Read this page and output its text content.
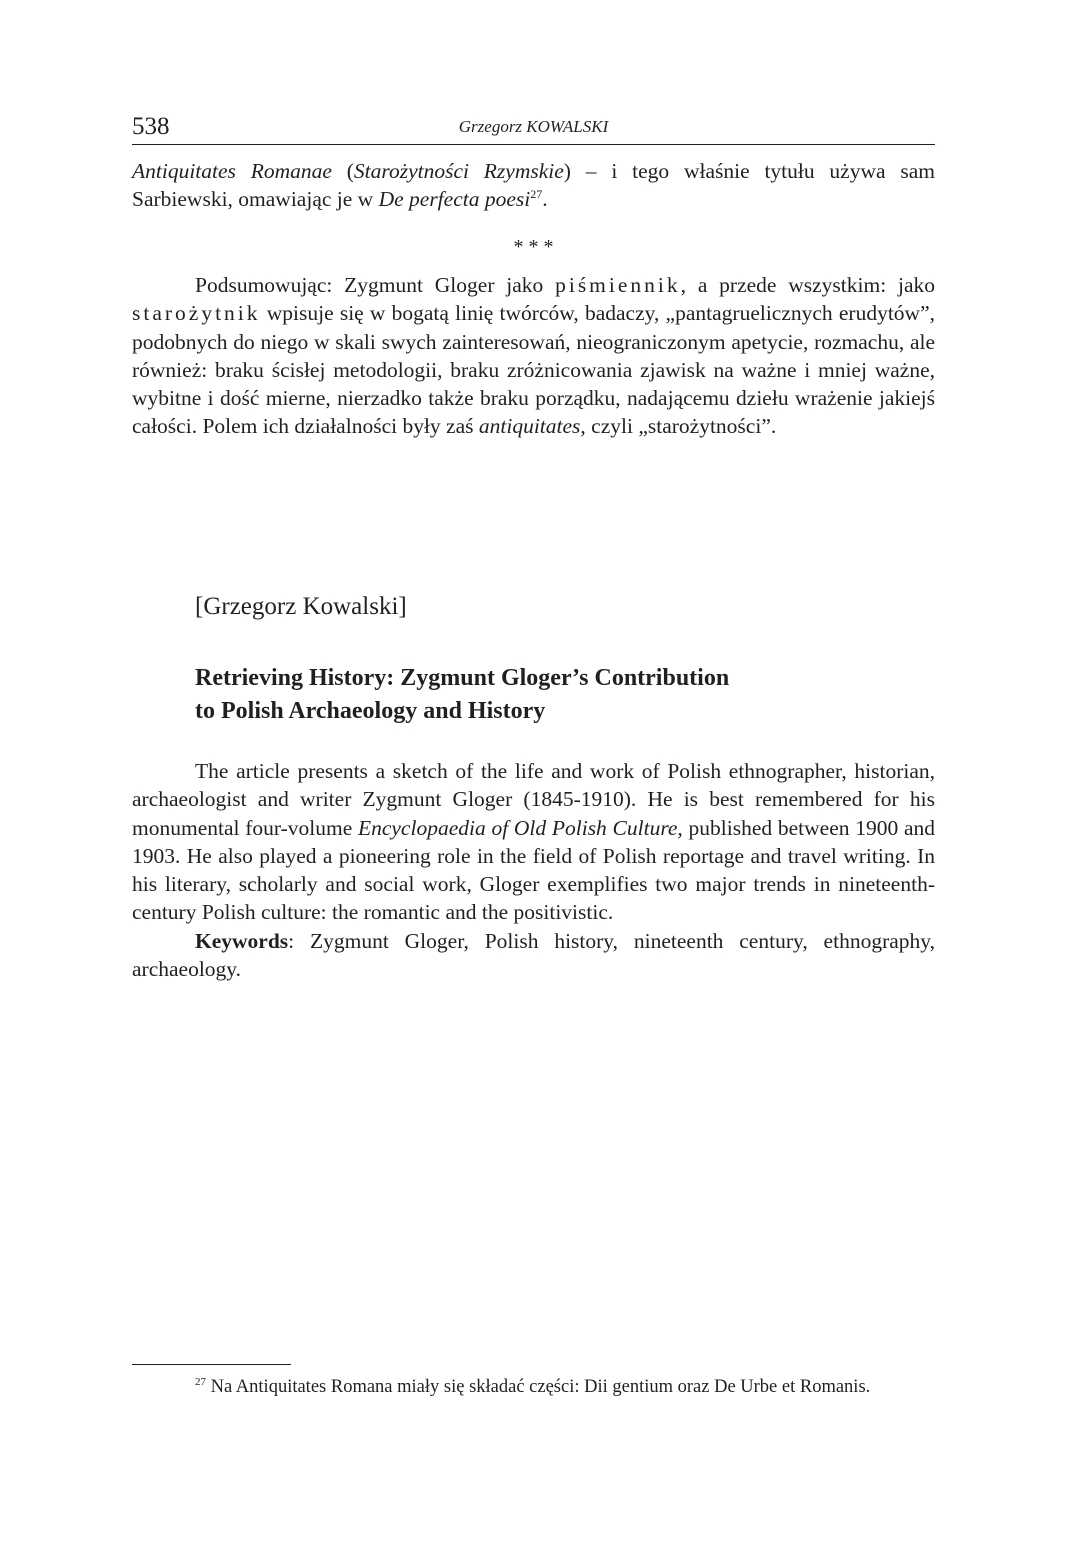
538	Grzegorz KOWALSKI

Antiquitates Romanae (Starożytności Rzymskie) – i tego właśnie tytułu używa sam Sarbiewski, omawiając je w De perfecta poesi$^{27}$.

* * *

Podsumowując: Zygmunt Gloger jako piśmiennik, a przede wszystkim: jako starożytnik wpisuje się w bogatą linię twórców, badaczy, „pantagruelicznych erudytów”, podobnych do niego w skali swych zainteresowań, nieograniczonym apetycie, rozmachu, ale również: braku ścisłej metodologii, braku zróżnicowania zjawisk na ważne i mniej ważne, wybitne i dość mierne, nierzadko także braku porządku, nadającemu dziełu wrażenie jakiejś całości. Polem ich działalności były zaś antiquitates, czyli „starożytności”.

[Grzegorz Kowalski]
Retrieving History: Zygmunt Gloger’s Contribution
to Polish Archaeology and History

The article presents a sketch of the life and work of Polish ethnographer, historian, archaeologist and writer Zygmunt Gloger (1845-1910). He is best remembered for his monumental four-volume Encyclopaedia of Old Polish Culture, published between 1900 and 1903. He also played a pioneering role in the field of Polish reportage and travel writing. In his literary, scholarly and social work, Gloger exemplifies two major trends in nineteenth-century Polish culture: the romantic and the positivistic.

Keywords: Zygmunt Gloger, Polish history, nineteenth century, ethnography, archaeology.

$^{27}$ Na Antiquitates Romana miały się składać części: Dii gentium oraz De Urbe et Romanis.
